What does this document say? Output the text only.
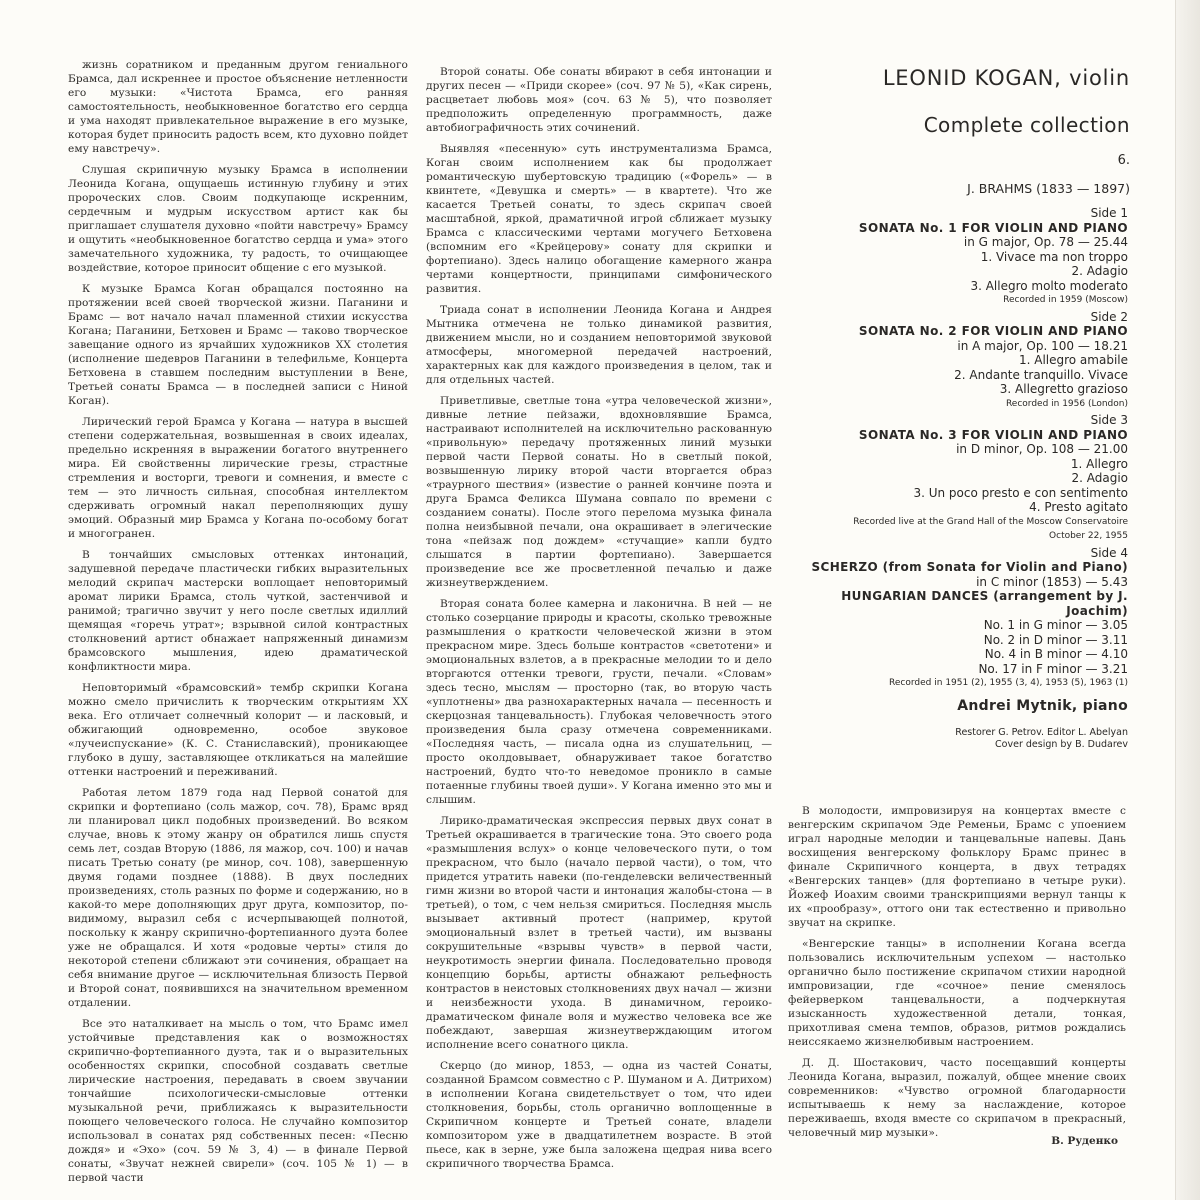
жизнь соратником и преданным другом гениального Брамса, дал искреннее и простое объяснение нетленности его музыки: «Чистота Брамса, его ранняя самостоятельность, необыкновенное богатство его сердца и ума находят привлекательное выражение в его музыке, которая будет приносить радость всем, кто духовно пойдет ему навстречу».

Слушая скрипичную музыку Брамса в исполнении Леонида Когана, ощущаешь истинную глубину и этих пророческих слов. Своим подкупающе искренним, сердечным и мудрым искусством артист как бы приглашает слушателя духовно «пойти навстречу» Брамсу и ощутить «необыкновенное богатство сердца и ума» этого замечательного художника, ту радость, то очищающее воздействие, которое приносит общение с его музыкой.

К музыке Брамса Коган обращался постоянно на протяжении всей своей творческой жизни. Паганини и Брамс — вот начало начал пламенной стихии искусства Когана; Паганини, Бетховен и Брамс — таково творческое завещание одного из ярчайших художников XX столетия (исполнение шедевров Паганини в телефильме, Концерта Бетховена в ставшем последним выступлении в Вене, Третьей сонаты Брамса — в последней записи с Ниной Коган).

Лирический герой Брамса у Когана — натура в высшей степени содержательная, возвышенная в своих идеалах, предельно искренняя в выражении богатого внутреннего мира. Ей свойственны лирические грезы, страстные стремления и восторги, тревоги и сомнения, и вместе с тем — это личность сильная, способная интеллектом сдерживать огромный накал переполняющих душу эмоций. Образный мир Брамса у Когана по-особому богат и многогранен.

В тончайших смысловых оттенках интонаций, задушевной передаче пластически гибких выразительных мелодий скрипач мастерски воплощает неповторимый аромат лирики Брамса, столь чуткой, застенчивой и ранимой; трагично звучит у него после светлых идиллий щемящая «горечь утрат»; взрывной силой контрастных столкновений артист обнажает напряженный динамизм брамсовского мышления, идею драматической конфликтности мира.

Неповторимый «брамсовский» тембр скрипки Когана можно смело причислить к творческим открытиям XX века. Его отличает солнечный колорит — и ласковый, и обжигающий одновременно, особое звуковое «лучеиспускание» (К. С. Станиславский), проникающее глубоко в душу, заставляющее откликаться на малейшие оттенки настроений и переживаний.

Работая летом 1879 года над Первой сонатой для скрипки и фортепиано (соль мажор, соч. 78), Брамс вряд ли планировал цикл подобных произведений. Во всяком случае, вновь к этому жанру он обратился лишь спустя семь лет, создав Вторую (1886, ля мажор, соч. 100) и начав писать Третью сонату (ре минор, соч. 108), завершенную двумя годами позднее (1888). В двух последних произведениях, столь разных по форме и содержанию, но в какой-то мере дополняющих друг друга, композитор, по-видимому, выразил себя с исчерпывающей полнотой, поскольку к жанру скрипично-фортепианного дуэта более уже не обращался. И хотя «родовые черты» стиля до некоторой степени сближают эти сочинения, обращает на себя внимание другое — исключительная близость Первой и Второй сонат, появившихся на значительном временном отдалении.

Все это наталкивает на мысль о том, что Брамс имел устойчивые представления как о возможностях скрипично-фортепианного дуэта, так и о выразительных особенностях скрипки, способной создавать светлые лирические настроения, передавать в своем звучании тончайшие психологически-смысловые оттенки музыкальной речи, приближаясь к выразительности поющего человеческого голоса. Не случайно композитор использовал в сонатах ряд собственных песен: «Песню дождя» и «Эхо» (соч. 59 № 3, 4) — в финале Первой сонаты, «Звучат нежней свирели» (соч. 105 № 1) — в первой части

Второй сонаты. Обе сонаты вбирают в себя интонации и других песен — «Приди скорее» (соч. 97 № 5), «Как сирень, расцветает любовь моя» (соч. 63 № 5), что позволяет предположить определенную программность, даже автобиографичность этих сочинений.

Выявляя «песенную» суть инструментализма Брамса, Коган своим исполнением как бы продолжает романтическую шубертовскую традицию («Форель» — в квинтете, «Девушка и смерть» — в квартете). Что же касается Третьей сонаты, то здесь скрипач своей масштабной, яркой, драматичной игрой сближает музыку Брамса с классическими чертами могучего Бетховена (вспомним его «Крейцерову» сонату для скрипки и фортепиано). Здесь налицо обогащение камерного жанра чертами концертности, принципами симфонического развития.

Триада сонат в исполнении Леонида Когана и Андрея Мытника отмечена не только динамикой развития, движением мысли, но и созданием неповторимой звуковой атмосферы, многомерной передачей настроений, характерных как для каждого произведения в целом, так и для отдельных частей.

Приветливые, светлые тона «утра человеческой жизни», дивные летние пейзажи, вдохновлявшие Брамса, настраивают исполнителей на исключительно раскованную «привольную» передачу протяженных линий музыки первой части Первой сонаты. Но в светлый покой, возвышенную лирику второй части вторгается образ «траурного шествия» (известие о ранней кончине поэта и друга Брамса Феликса Шумана совпало по времени с созданием сонаты). После этого перелома музыка финала полна неизбывной печали, она окрашивает в элегические тона «пейзаж под дождем» «стучащие» капли будто слышатся в партии фортепиано). Завершается произведение все же просветленной печалью и даже жизнеутверждением.

Вторая соната более камерна и лаконична. В ней — не столько созерцание природы и красоты, сколько тревожные размышления о краткости человеческой жизни в этом прекрасном мире. Здесь больше контрастов «светотени» и эмоциональных взлетов, а в прекрасные мелодии то и дело вторгаются оттенки тревоги, грусти, печали. «Словам» здесь тесно, мыслям — просторно (так, во вторую часть «уплотнены» два разнохарактерных начала — песенность и скерцозная танцевальность). Глубокая человечность этого произведения была сразу отмечена современниками. «Последняя часть, — писала одна из слушательниц, — просто околдовывает, обнаруживает такое богатство настроений, будто что-то неведомое проникло в самые потаенные глубины твоей души». У Когана именно это мы и слышим.

Лирико-драматическая экспрессия первых двух сонат в Третьей окрашивается в трагические тона. Это своего рода «размышления вслух» о конце человеческого пути, о том прекрасном, что было (начало первой части), о том, что придется утратить навеки (по-генделевски величественный гимн жизни во второй части и интонация жалобы-стона — в третьей), о том, с чем нельзя смириться. Последняя мысль вызывает активный протест (например, крутой эмоциональный взлет в третьей части), им вызваны сокрушительные «взрывы чувств» в первой части, неукротимость энергии финала. Последовательно проводя концепцию борьбы, артисты обнажают рельефность контрастов в неистовых столкновениях двух начал — жизни и неизбежности ухода. В динамичном, героико-драматическом финале воля и мужество человека все же побеждают, завершая жизнеутверждающим итогом исполнение всего сонатного цикла.

Скерцо (до минор, 1853, — одна из частей Сонаты, созданной Брамсом совместно с Р. Шуманом и А. Дитрихом) в исполнении Когана свидетельствует о том, что идеи столкновения, борьбы, столь органично воплощенные в Скрипичном концерте и Третьей сонате, владели композитором уже в двадцатилетнем возрасте. В этой пьесе, как в зерне, уже была заложена щедрая нива всего скрипичного творчества Брамса.

LEONID KOGAN, violin
Complete collection
6.
J. BRAHMS (1833 — 1897)
Side 1
SONATA No. 1 FOR VIOLIN AND PIANO
in G major, Op. 78 — 25.44
1. Vivace ma non troppo
2. Adagio
3. Allegro molto moderato
Recorded in 1959 (Moscow)
Side 2
SONATA No. 2 FOR VIOLIN AND PIANO
in A major, Op. 100 — 18.21
1. Allegro amabile
2. Andante tranquillo. Vivace
3. Allegretto grazioso
Recorded in 1956 (London)
Side 3
SONATA No. 3 FOR VIOLIN AND PIANO
in D minor, Op. 108 — 21.00
1. Allegro
2. Adagio
3. Un poco presto e con sentimento
4. Presto agitato
Recorded live at the Grand Hall of the Moscow Conservatoire
October 22, 1955
Side 4
SCHERZO (from Sonata for Violin and Piano)
in C minor (1853) — 5.43
HUNGARIAN DANCES (arrangement by J. Joachim)
No. 1 in G minor — 3.05
No. 2 in D minor — 3.11
No. 4 in B minor — 4.10
No. 17 in F minor — 3.21
Recorded in 1951 (2), 1955 (3, 4), 1953 (5), 1963 (1)
Andrei Mytnik, piano
Restorer G. Petrov. Editor L. Abelyan
Cover design by B. Dudarev

В молодости, импровизируя на концертах вместе с венгерским скрипачом Эде Ременьи, Брамс с упоением играл народные мелодии и танцевальные напевы. Дань восхищения венгерскому фольклору Брамс принес в финале Скрипичного концерта, в двух тетрадях «Венгерских танцев» (для фортепиано в четыре руки). Йожеф Иоахим своими транскрипциями вернул танцы к их «прообразу», оттого они так естественно и привольно звучат на скрипке.

«Венгерские танцы» в исполнении Когана всегда пользовались исключительным успехом — настолько органично было постижение скрипачом стихии народной импровизации, где «сочное» пение сменялось фейерверком танцевальности, а подчеркнутая изысканность художественной детали, тонкая, прихотливая смена темпов, образов, ритмов рождались неиссякаемо жизнелюбивым настроением.

Д. Д. Шостакович, часто посещавший концерты Леонида Когана, выразил, пожалуй, общее мнение своих современников: «Чувство огромной благодарности испытываешь к нему за наслаждение, которое переживаешь, входя вместе со скрипачом в прекрасный, человечный мир музыки».

В. Руденко
